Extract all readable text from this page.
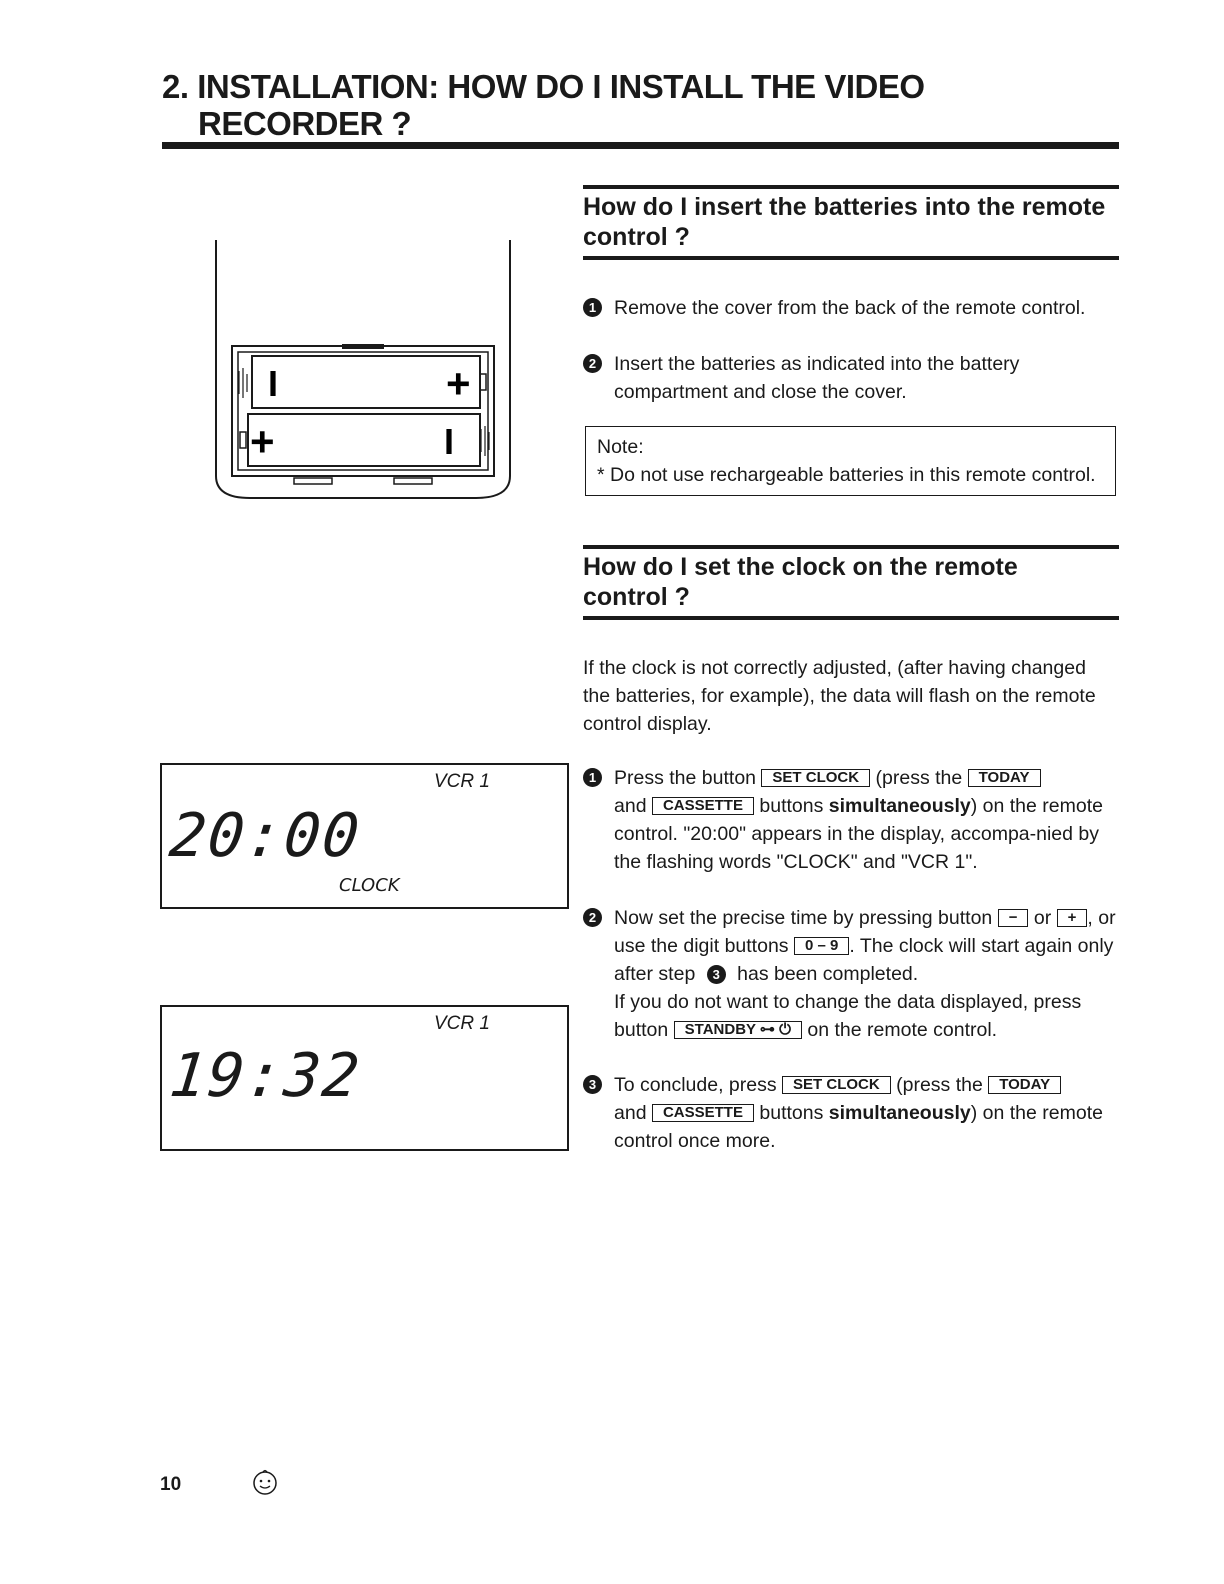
2. INSTALLATION: HOW DO I INSTALL THE VIDEO
RECORDER ?
I	+
+	I
How do I insert the batteries into the remote control ?
1 Remove the cover from the back of the remote control.
2 Insert the batteries as indicated into the battery compartment and close the cover.
Note:
* Do not use rechargeable batteries in this remote control.
How do I set the clock on the remote control ?
If the clock is not correctly adjusted, (after having changed the batteries, for example), the data will flash on the remote control display.
1 Press the button SET CLOCK (press the TODAY
and CASSETTE buttons simultaneously) on the remote control. "20:00" appears in the display, accompa-nied by the flashing words "CLOCK" and "VCR 1".
2 Now set the precise time by pressing button − or + , or use the digit buttons 0 – 9 . The clock will start again only after step 3 has been completed.
If you do not want to change the data displayed, press button STANDBY ⊶ ⏻ on the remote control.
3 To conclude, press SET CLOCK (press the TODAY
and CASSETTE buttons simultaneously) on the remote control once more.
VCR 1
20:00
CLOCK
VCR 1
19:32
10
